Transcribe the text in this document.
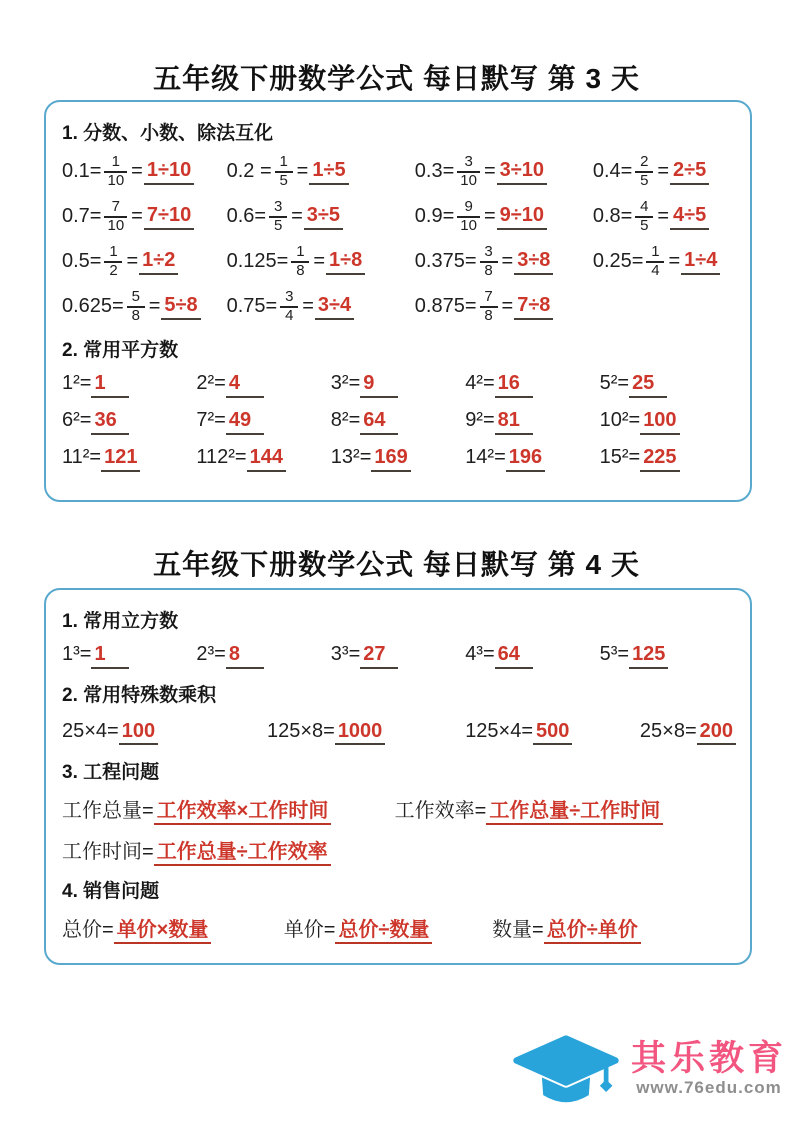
五年级下册数学公式 每日默写 第 3 天
1. 分数、小数、除法互化
$0.1= \frac{1}{10} = 1\div 10$ $0.2 = \frac{1}{5} = 1\div 5$	$0.3= \frac{3}{10} = 3\div 10$ $0.4= \frac{2}{5} = 2\div 5$
$0.7= \frac{7}{10} = 7\div 10$ $0.6= \frac{3}{5} = 3\div 5$	$0.9= \frac{9}{10} = 9\div 10$ $0.8= \frac{4}{5} = 4\div 5$
$0.5= \frac{1}{2} = 1\div 2$	$0.125= \frac{1}{8} = 1\div 8$	$0.375= \frac{3}{8} = 3\div 8$ $0.25= \frac{1}{4} = 1\div 4$
$0.625= \frac{5}{8} = 5\div 8$ $0.75= \frac{3}{4} = 3\div 4$	$0.875= \frac{7}{8} = 7\div 8$
2. 常用平方数
1²= 1	2²= 4	3²= 9	4²= 16	5²= 25
6²= 36	7²= 49	8²= 64	9²= 81	10²= 100
11²= 121	112²= 144	13²= 169	14²= 196	15²= 225
五年级下册数学公式 每日默写 第 4 天
1. 常用立方数
1³= 1	2³= 8	3³= 27	4³= 64	5³= 125
2. 常用特殊数乘积
25×4= 100	125×8= 1000	125×4= 500	25×8= 200
3. 工程问题
工作总量= 工作效率×工作时间	工作效率= 工作总量÷工作时间
工作时间= 工作总量÷工作效率
4. 销售问题
总价= 单价×数量	单价= 总价÷数量	数量= 总价÷单价
其乐教育
www.76edu.com
